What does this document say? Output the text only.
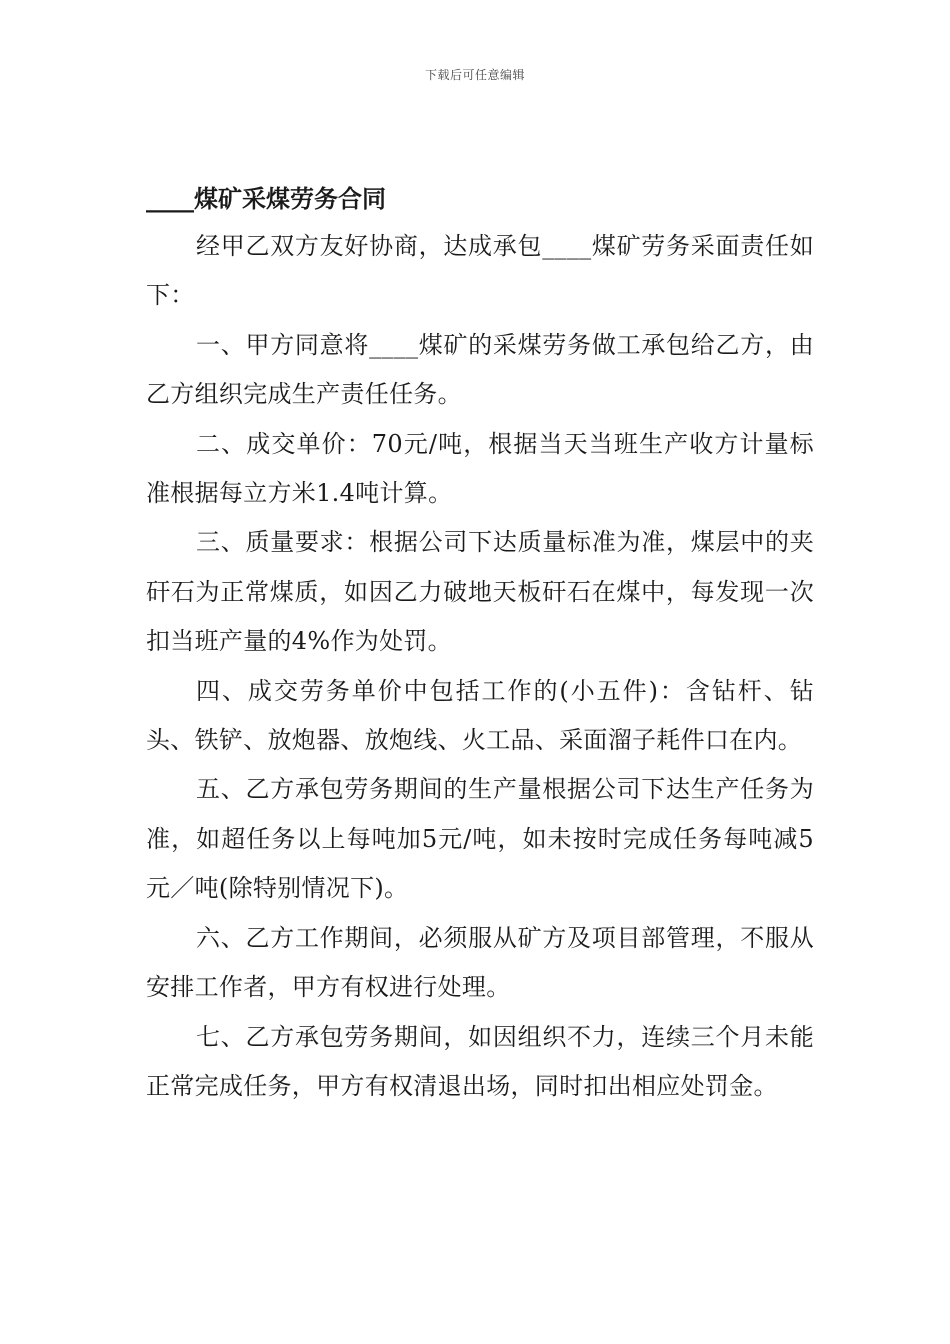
下载后可任意编辑
____煤矿采煤劳务合同

经甲乙双方友好协商，达成承包____煤矿劳务采面责任如下：

一、甲方同意将____煤矿的采煤劳务做工承包给乙方，由乙方组织完成生产责任任务。

二、成交单价：70元/吨，根据当天当班生产收方计量标准根据每立方米1.4吨计算。

三、质量要求：根据公司下达质量标准为准，煤层中的夹矸石为正常煤质，如因乙力破地天板矸石在煤中，每发现一次扣当班产量的4%作为处罚。

四、成交劳务单价中包括工作的(小五件)：含钻杆、钻头、铁铲、放炮器、放炮线、火工品、采面溜子耗件口在内。

五、乙方承包劳务期间的生产量根据公司下达生产任务为准，如超任务以上每吨加5元/吨，如未按时完成任务每吨减5元／吨(除特别情况下)。

六、乙方工作期间，必须服从矿方及项目部管理，不服从安排工作者，甲方有权进行处理。

七、乙方承包劳务期间，如因组织不力，连续三个月未能正常完成任务，甲方有权清退出场，同时扣出相应处罚金。
